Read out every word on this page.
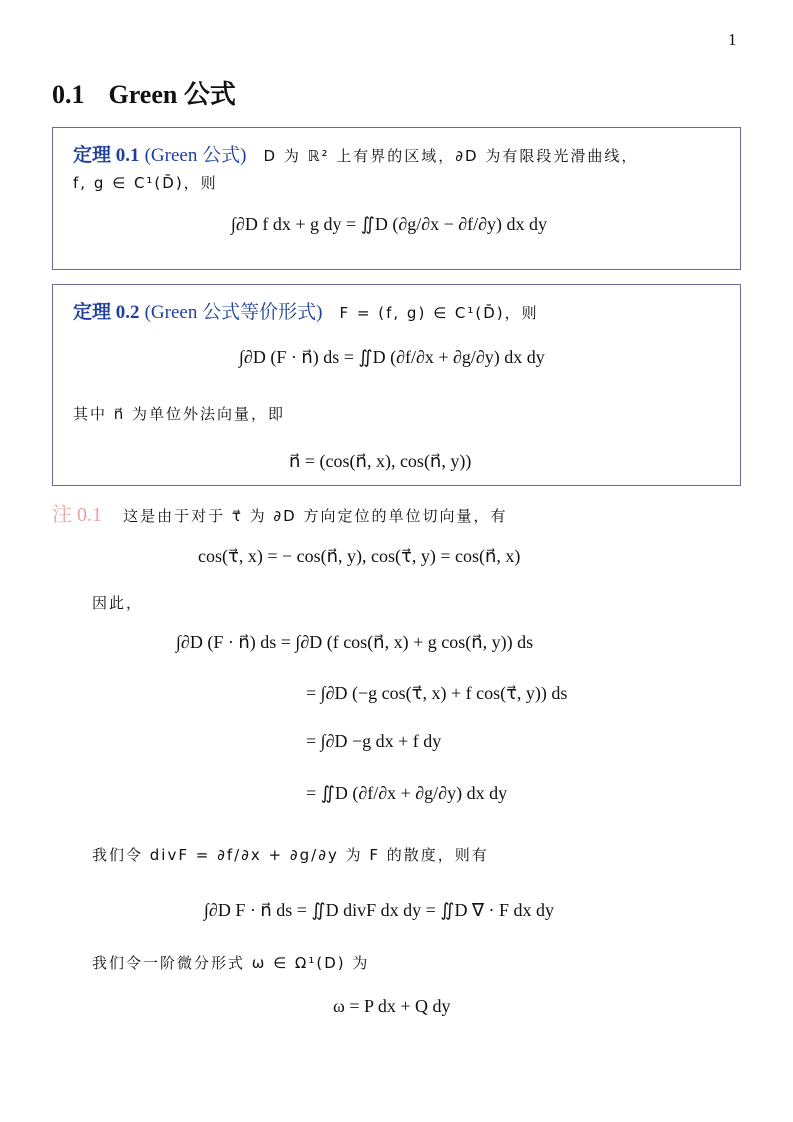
1
0.1 Green 公式
定理 0.1 (Green 公式) D 为 ℝ² 上有界的区域，∂D 为有限段光滑曲线，
f, g ∈ C¹(D̄)，则
∫∂D f dx + g dy = ∬D (∂g/∂x − ∂f/∂y) dx dy
定理 0.2 (Green 公式等价形式) F = (f, g) ∈ C¹(D̄)，则
∫∂D (F · n⃗) ds = ∬D (∂f/∂x + ∂g/∂y) dx dy
其中 n⃗ 为单位外法向量，即
n⃗ = (cos(n⃗, x), cos(n⃗, y))
注 0.1 这是由于对于 τ⃗ 为 ∂D 方向定位的单位切向量，有
cos(τ⃗, x) = − cos(n⃗, y), cos(τ⃗, y) = cos(n⃗, x)
因此，
∫∂D (F · n⃗) ds = ∫∂D (f cos(n⃗, x) + g cos(n⃗, y)) ds
= ∫∂D (−g cos(τ⃗, x) + f cos(τ⃗, y)) ds
= ∫∂D −g dx + f dy
= ∬D (∂f/∂x + ∂g/∂y) dx dy
我们令 divF = ∂f/∂x + ∂g/∂y 为 F 的散度，则有
∫∂D F · n⃗ ds = ∬D divF dx dy = ∬D ∇ · F dx dy
我们令一阶微分形式 ω ∈ Ω¹(D) 为
ω = P dx + Q dy
